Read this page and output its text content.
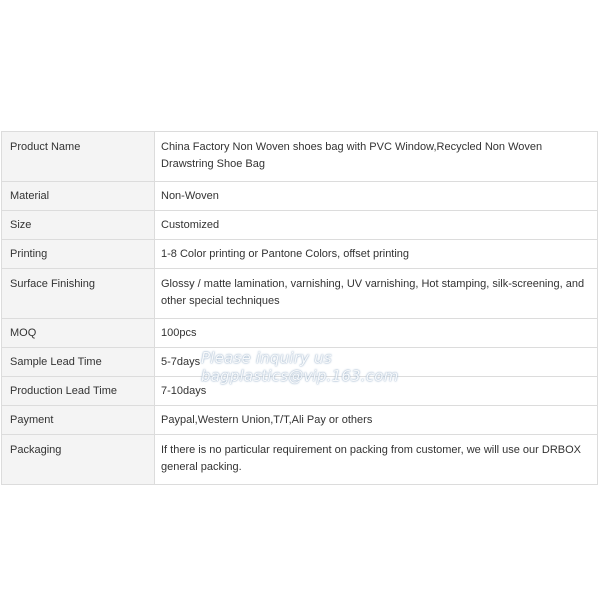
Product Name	China Factory Non Woven shoes bag with PVC Window,Recycled Non Woven Drawstring Shoe Bag
Material	Non-Woven
Size	Customized
Printing	1-8 Color printing or Pantone Colors, offset printing
Surface Finishing	Glossy / matte lamination, varnishing, UV varnishing, Hot stamping, silk-screening, and other special techniques
MOQ	100pcs
Sample Lead Time	5-7days
Production Lead Time	7-10days
Payment	Paypal,Western Union,T/T,Ali Pay or others
Packaging	If there is no particular requirement on packing from customer, we will use our DRBOX general packing.
Please inquiry us
bagplastics@vip.163.com
